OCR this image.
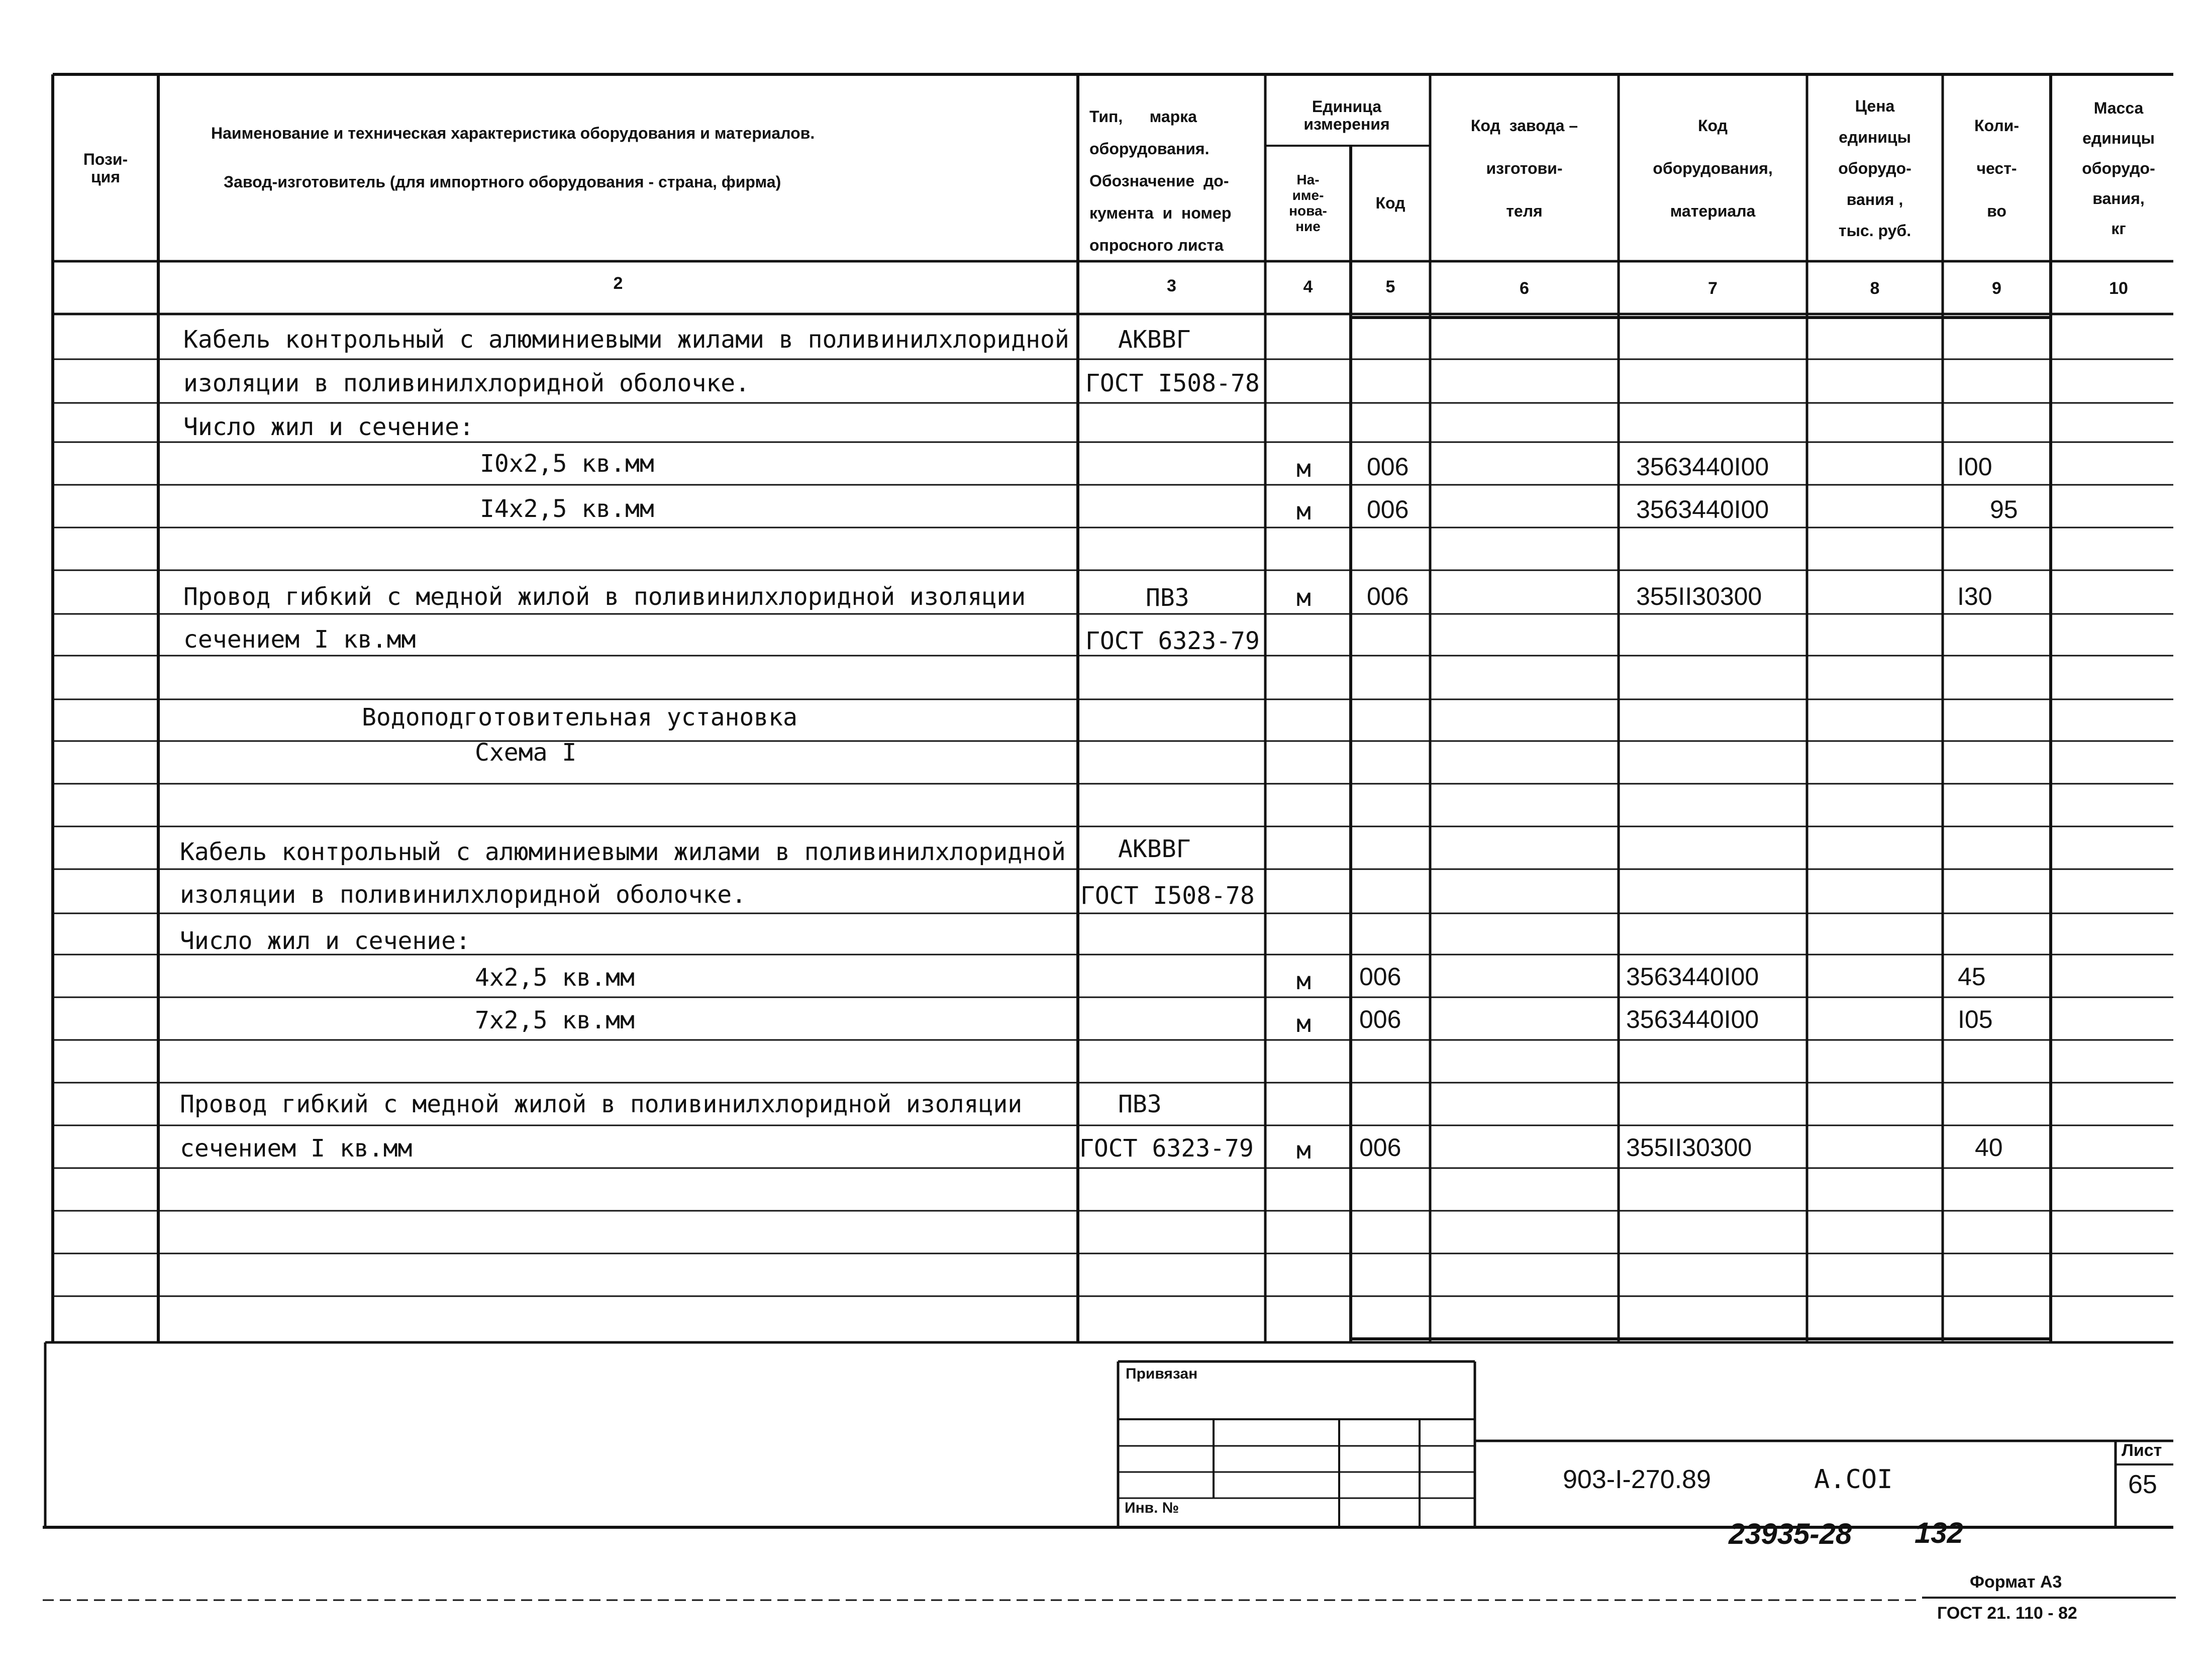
Пози-
ция
Наименование и техническая характеристика оборудования и материалов.
Завод-изготовитель (для импортного оборудования - страна, фирма)
Тип,      марка
оборудования.
Обозначение  до-
кумента  и  номер
опросного листа
Единица
измерения
На-
име-
нова-
ние
Код
Код  завода –
изготови-
теля
Код
оборудования,
материала
Цена
единицы
оборудо-
вания ,
тыс. руб.
Коли-
чест-
во
Масса
единицы
оборудо-
вания,
кг
2	3	4	5	6	7	8	9	10
Кабель контрольный с алюминиевыми жилами в поливинилхлоридной АКВВГ
изоляции в поливинилхлоридной оболочке.	ГОСТ I508-78
Число жил и сечение:
I0x2,5 кв.мм	м 006	3563440I00	I00
I4x2,5 кв.мм	м 006	3563440I00	95
Провод гибкий с медной жилой в поливинилхлоридной изоляции	ПВЗ	м 006	355II30300	I30
сечением I кв.мм	ГОСТ 6323-79
Водоподготовительная установка
Схема I
Кабель контрольный с алюминиевыми жилами в поливинилхлоридной АКВВГ
изоляции в поливинилхлоридной оболочке.	ГОСТ I508-78
Число жил и сечение:
4x2,5 кв.мм	м 006	3563440I00	45
7x2,5 кв.мм	м 006	3563440I00	I05
Провод гибкий с медной жилой в поливинилхлоридной изоляции	ПВЗ
сечением I кв.мм	ГОСТ 6323-79 м 006	355II30300	40
Привязан
Инв. №
903-I-270.89	А.COI
Лист
65
23935-28 132
Формат А3
ГОСТ 21. 110 - 82
